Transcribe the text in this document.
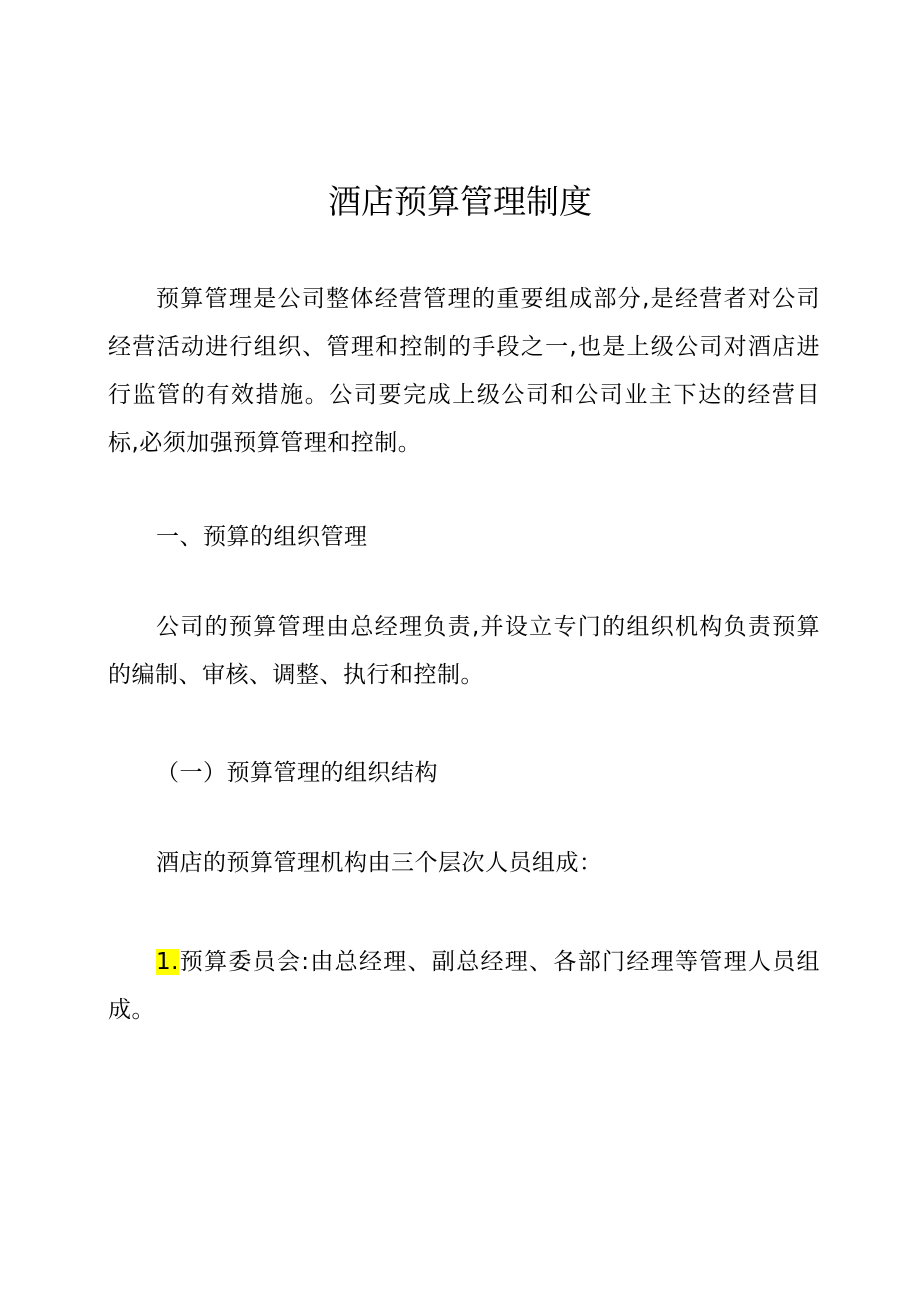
酒店预算管理制度

预算管理是公司整体经营管理的重要组成部分,是经营者对公司经营活动进行组织、管理和控制的手段之一,也是上级公司对酒店进行监管的有效措施。公司要完成上级公司和公司业主下达的经营目标,必须加强预算管理和控制。

一、预算的组织管理

公司的预算管理由总经理负责,并设立专门的组织机构负责预算的编制、审核、调整、执行和控制。

（一）预算管理的组织结构

酒店的预算管理机构由三个层次人员组成：

1.预算委员会:由总经理、副总经理、各部门经理等管理人员组成。
